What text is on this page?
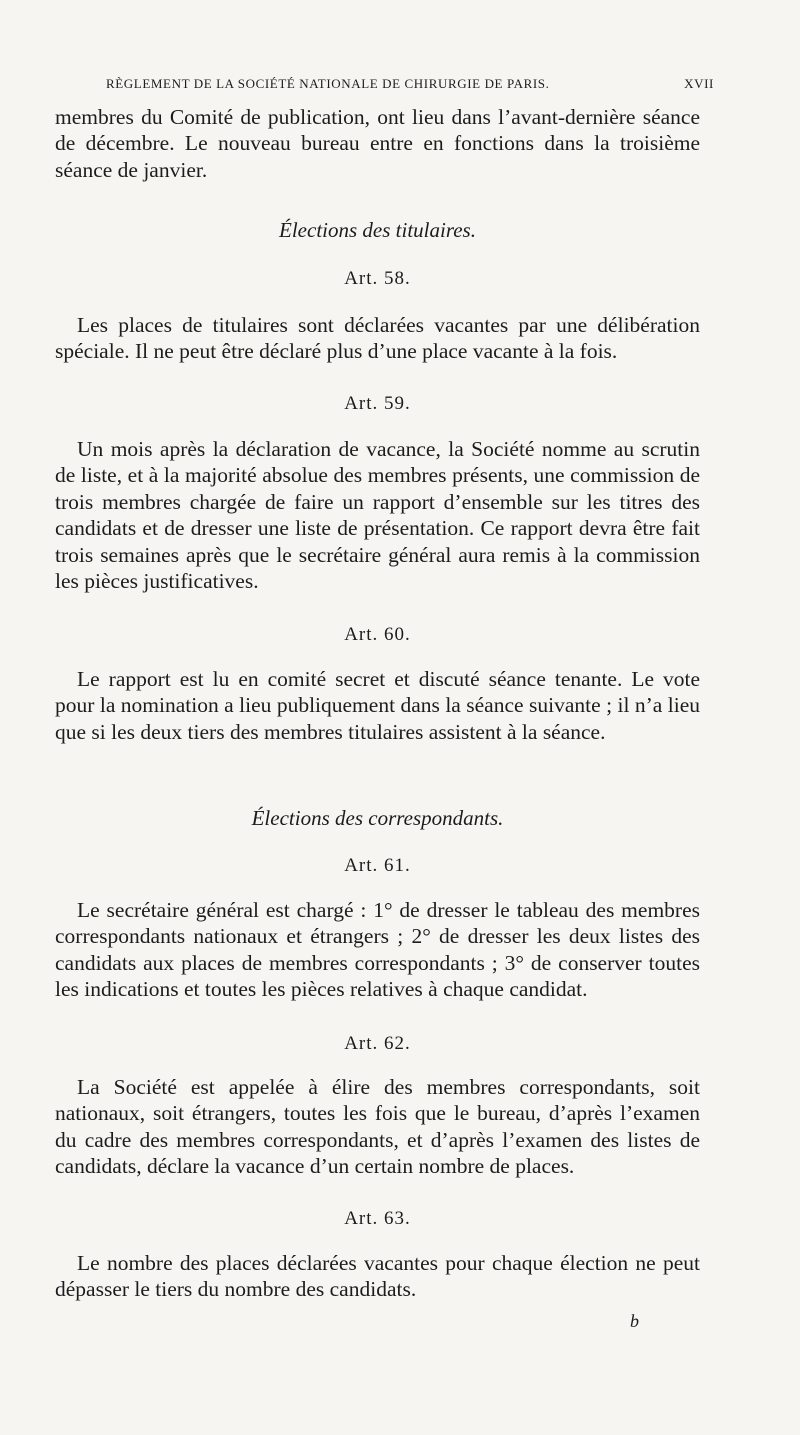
RÈGLEMENT DE LA SOCIÉTÉ NATIONALE DE CHIRURGIE DE PARIS.	XVII

membres du Comité de publication, ont lieu dans l’avant-dernière séance de décembre. Le nouveau bureau entre en fonctions dans la troisième séance de janvier.

Élections des titulaires.
Art. 58.

Les places de titulaires sont déclarées vacantes par une délibération spéciale. Il ne peut être déclaré plus d’une place vacante à la fois.

Art. 59.

Un mois après la déclaration de vacance, la Société nomme au scrutin de liste, et à la majorité absolue des membres présents, une commission de trois membres chargée de faire un rapport d’ensemble sur les titres des candidats et de dresser une liste de présentation. Ce rapport devra être fait trois semaines après que le secrétaire général aura remis à la commission les pièces justificatives.

Art. 60.

Le rapport est lu en comité secret et discuté séance tenante. Le vote pour la nomination a lieu publiquement dans la séance suivante ; il n’a lieu que si les deux tiers des membres titulaires assistent à la séance.

Élections des correspondants.
Art. 61.

Le secrétaire général est chargé : 1° de dresser le tableau des membres correspondants nationaux et étrangers ; 2° de dresser les deux listes des candidats aux places de membres correspondants ; 3° de conserver toutes les indications et toutes les pièces relatives à chaque candidat.

Art. 62.

La Société est appelée à élire des membres correspondants, soit nationaux, soit étrangers, toutes les fois que le bureau, d’après l’examen du cadre des membres correspondants, et d’après l’examen des listes de candidats, déclare la vacance d’un certain nombre de places.

Art. 63.

Le nombre des places déclarées vacantes pour chaque élection ne peut dépasser le tiers du nombre des candidats.

b
